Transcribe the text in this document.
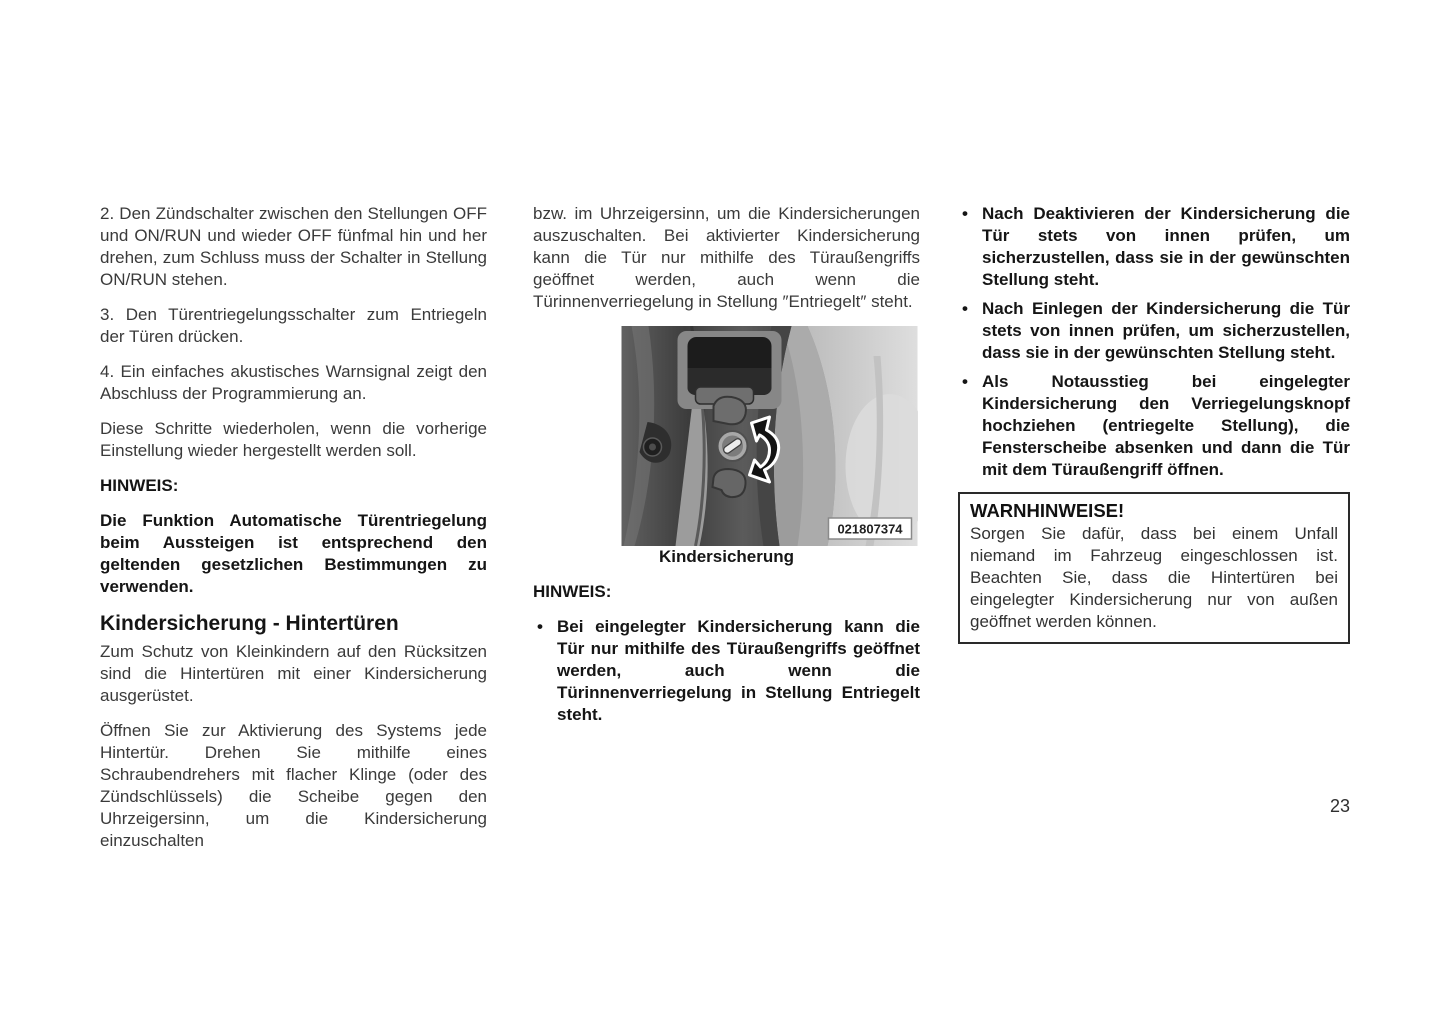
2. Den Zündschalter zwischen den Stellungen OFF und ON/RUN und wieder OFF fünfmal hin und her drehen, zum Schluss muss der Schalter in Stellung ON/RUN stehen.

3. Den Türentriegelungsschalter zum Entriegeln der Türen drücken.

4. Ein einfaches akustisches Warnsignal zeigt den Abschluss der Programmierung an.

Diese Schritte wiederholen, wenn die vorherige Einstellung wieder hergestellt werden soll.

HINWEIS:

Die Funktion Automatische Türentriegelung beim Aussteigen ist entsprechend den geltenden gesetzlichen Bestimmungen zu verwenden.

Kindersicherung - Hintertüren

Zum Schutz von Kleinkindern auf den Rücksitzen sind die Hintertüren mit einer Kindersicherung ausgerüstet.

Öffnen Sie zur Aktivierung des Systems jede Hintertür. Drehen Sie mithilfe eines Schraubendrehers mit flacher Klinge (oder des Zündschlüssels) die Scheibe gegen den Uhrzeigersinn, um die Kindersicherung einzuschalten

bzw. im Uhrzeigersinn, um die Kindersicherungen auszuschalten. Bei aktivierter Kindersicherung kann die Tür nur mithilfe des Türaußengriffs geöffnet werden, auch wenn die Türinnenverriegelung in Stellung ″Entriegelt″ steht.

021807374

Kindersicherung

HINWEIS:

• Bei eingelegter Kindersicherung kann die Tür nur mithilfe des Türaußengriffs geöffnet werden, auch wenn die Türinnenverriegelung in Stellung Entriegelt steht.
• Nach Deaktivieren der Kindersicherung die Tür stets von innen prüfen, um sicherzustellen, dass sie in der gewünschten Stellung steht.
• Nach Einlegen der Kindersicherung die Tür stets von innen prüfen, um sicherzustellen, dass sie in der gewünschten Stellung steht.
• Als Notausstieg bei eingelegter Kindersicherung den Verriegelungsknopf hochziehen (entriegelte Stellung), die Fensterscheibe absenken und dann die Tür mit dem Türaußengriff öffnen.
WARNHINWEISE!

Sorgen Sie dafür, dass bei einem Unfall niemand im Fahrzeug eingeschlossen ist. Beachten Sie, dass die Hintertüren bei eingelegter Kindersicherung nur von außen geöffnet werden können.

23
